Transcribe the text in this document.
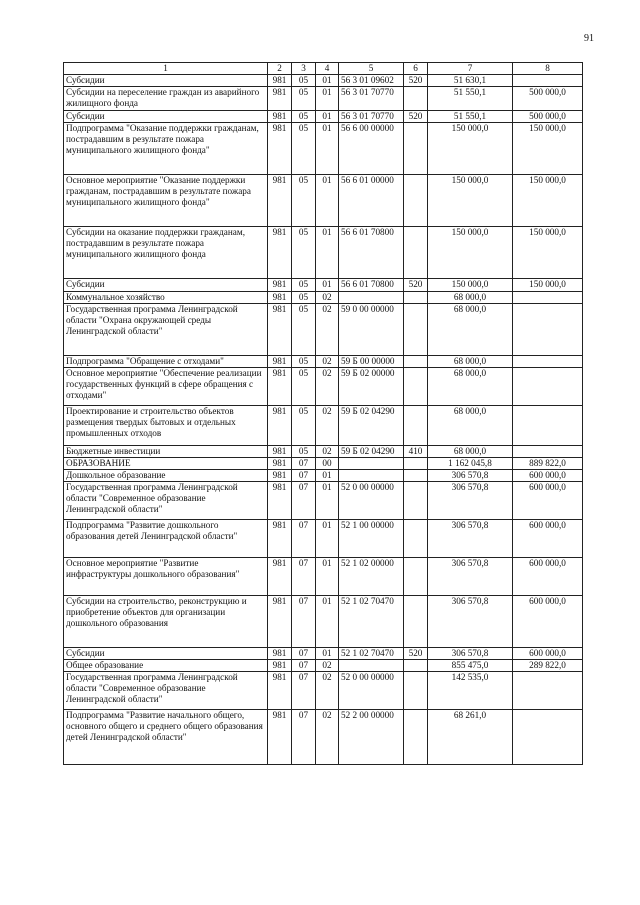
91
1	2	3	4	5	6	7	8
Субсидии	981	05	01	56 3 01 09602	520	51 630,1	
Субсидии на переселение граждан из аварийного жилищного фонда	981	05	01	56 3 01 70770		51 550,1	500 000,0
Субсидии	981	05	01	56 3 01 70770	520	51 550,1	500 000,0
Подпрограмма "Оказание поддержки гражданам, пострадавшим в результате пожара муниципального жилищного фонда"	981	05	01	56 6 00 00000		150 000,0	150 000,0
Основное мероприятие "Оказание поддержки гражданам, пострадавшим в результате пожара муниципального жилищного фонда"	981	05	01	56 6 01 00000		150 000,0	150 000,0
Субсидии на оказание поддержки гражданам, пострадавшим в результате пожара муниципального жилищного фонда	981	05	01	56 6 01 70800		150 000,0	150 000,0
Субсидии	981	05	01	56 6 01 70800	520	150 000,0	150 000,0
Коммунальное хозяйство	981	05	02			68 000,0	
Государственная программа Ленинградской области "Охрана окружающей среды Ленинградской области"	981	05	02	59 0 00 00000		68 000,0	
Подпрограмма "Обращение с отходами"	981	05	02	59 Б 00 00000		68 000,0	
Основное мероприятие "Обеспечение реализации государственных функций в сфере обращения с отходами"	981	05	02	59 Б 02 00000		68 000,0	
Проектирование и строительство объектов размещения твердых бытовых и отдельных промышленных отходов	981	05	02	59 Б 02 04290		68 000,0	
Бюджетные инвестиции	981	05	02	59 Б 02 04290	410	68 000,0	
ОБРАЗОВАНИЕ	981	07	00			1 162 045,8	889 822,0
Дошкольное образование	981	07	01			306 570,8	600 000,0
Государственная программа Ленинградской области "Современное образование Ленинградской области"	981	07	01	52 0 00 00000		306 570,8	600 000,0
Подпрограмма "Развитие дошкольного образования детей Ленинградской области"	981	07	01	52 1 00 00000		306 570,8	600 000,0
Основное мероприятие "Развитие инфраструктуры дошкольного образования"	981	07	01	52 1 02 00000		306 570,8	600 000,0
Субсидии на строительство, реконструкцию и приобретение объектов для организации дошкольного образования	981	07	01	52 1 02 70470		306 570,8	600 000,0
Субсидии	981	07	01	52 1 02 70470	520	306 570,8	600 000,0
Общее образование	981	07	02			855 475,0	289 822,0
Государственная программа Ленинградской области "Современное образование Ленинградской области"	981	07	02	52 0 00 00000		142 535,0	
Подпрограмма "Развитие начального общего, основного общего и среднего общего образования детей Ленинградской области"	981	07	02	52 2 00 00000		68 261,0	
